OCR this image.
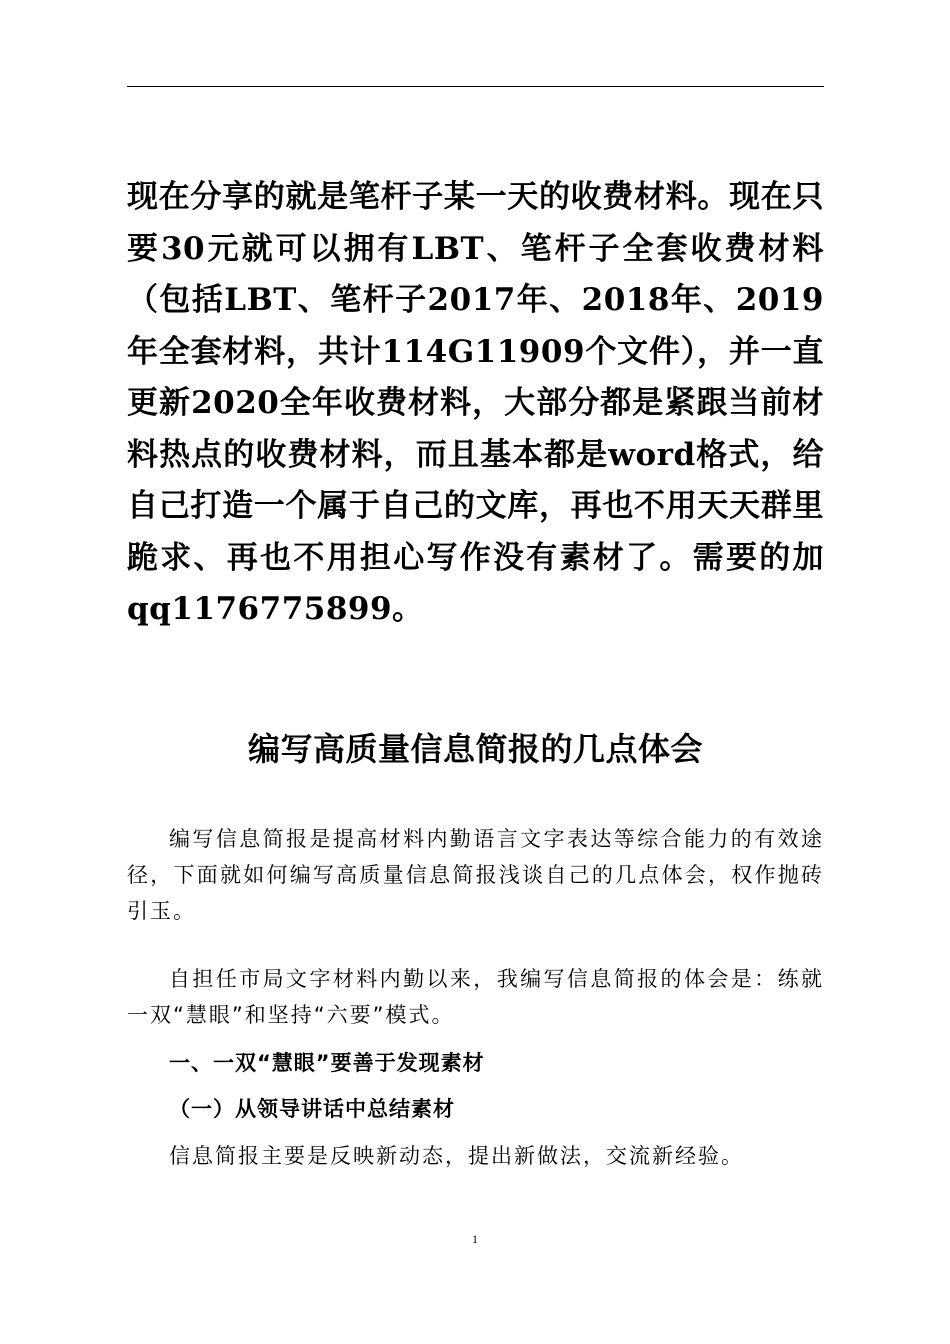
现在分享的就是笔杆子某一天的收费材料。现在只要30元就可以拥有LBT、笔杆子全套收费材料（包括LBT、笔杆子2017年、2018年、2019年全套材料，共计114G11909个文件），并一直更新2020全年收费材料，大部分都是紧跟当前材料热点的收费材料，而且基本都是word格式，给自己打造一个属于自己的文库，再也不用天天群里跪求、再也不用担心写作没有素材了。需要的加qq1176775899。

编写高质量信息简报的几点体会

编写信息简报是提高材料内勤语言文字表达等综合能力的有效途径，下面就如何编写高质量信息简报浅谈自己的几点体会，权作抛砖引玉。

自担任市局文字材料内勤以来，我编写信息简报的体会是：练就一双“慧眼”和坚持“六要”模式。

一、一双“慧眼”要善于发现素材
（一）从领导讲话中总结素材

信息简报主要是反映新动态，提出新做法，交流新经验。

1
